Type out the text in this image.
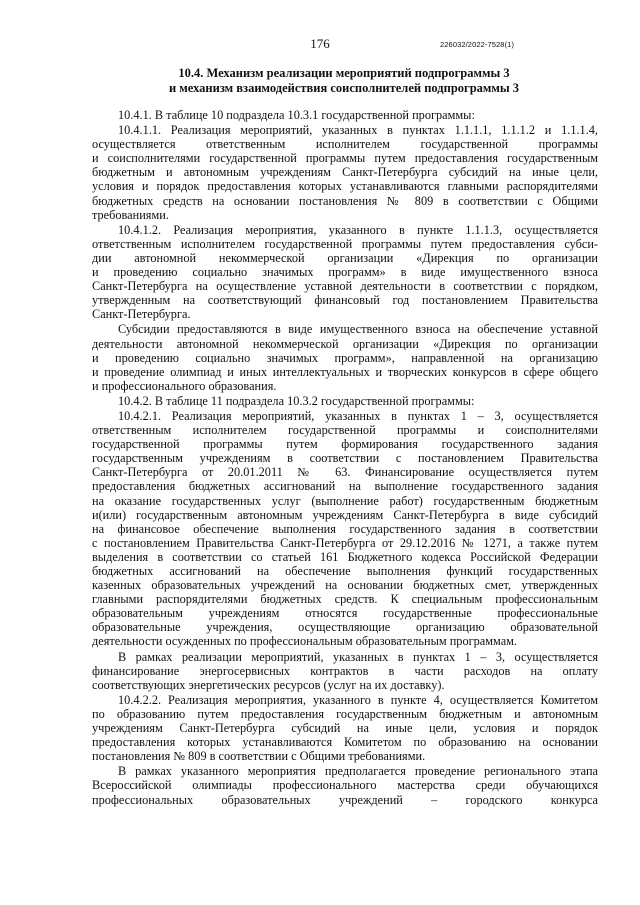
176	226032/2022-7528(1)
10.4. Механизм реализации мероприятий подпрограммы 3
и механизм взаимодействия соисполнителей подпрограммы 3

10.4.1. В таблице 10 подраздела 10.3.1 государственной программы:

10.4.1.1. Реализация мероприятий, указанных в пунктах 1.1.1.1, 1.1.1.2 и 1.1.1.4,
осуществляется ответственным исполнителем государственной программы
и соисполнителями государственной программы путем предоставления государственным
бюджетным и автономным учреждениям Санкт-Петербурга субсидий на иные цели,
условия и порядок предоставления которых устанавливаются главными распорядителями
бюджетных средств на основании постановления № 809 в соответствии с Общими
требованиями.

10.4.1.2. Реализация мероприятия, указанного в пункте 1.1.1.3, осуществляется
ответственным исполнителем государственной программы путем предоставления субси-
дии автономной некоммерческой организации «Дирекция по организации
и проведению социально значимых программ» в виде имущественного взноса
Санкт-Петербурга на осуществление уставной деятельности в соответствии с порядком,
утвержденным на соответствующий финансовый год постановлением Правительства
Санкт-Петербурга.

Субсидии предоставляются в виде имущественного взноса на обеспечение уставной
деятельности автономной некоммерческой организации «Дирекция по организации
и проведению социально значимых программ», направленной на организацию
и проведение олимпиад и иных интеллектуальных и творческих конкурсов в сфере общего
и профессионального образования.

10.4.2. В таблице 11 подраздела 10.3.2 государственной программы:

10.4.2.1. Реализация мероприятий, указанных в пунктах 1 – 3, осуществляется
ответственным исполнителем государственной программы и соисполнителями
государственной программы путем формирования государственного задания
государственным учреждениям в соответствии с постановлением Правительства
Санкт-Петербурга от 20.01.2011 № 63. Финансирование осуществляется путем
предоставления бюджетных ассигнований на выполнение государственного задания
на оказание государственных услуг (выполнение работ) государственным бюджетным
и(или) государственным автономным учреждениям Санкт-Петербурга в виде субсидий
на финансовое обеспечение выполнения государственного задания в соответствии
с постановлением Правительства Санкт-Петербурга от 29.12.2016 № 1271, а также путем
выделения в соответствии со статьей 161 Бюджетного кодекса Российской Федерации
бюджетных ассигнований на обеспечение выполнения функций государственных
казенных образовательных учреждений на основании бюджетных смет, утвержденных
главными распорядителями бюджетных средств. К специальным профессиональным
образовательным учреждениям относятся государственные профессиональные
образовательные учреждения, осуществляющие организацию образовательной
деятельности осужденных по профессиональным образовательным программам.

В рамках реализации мероприятий, указанных в пунктах 1 – 3, осуществляется
финансирование энергосервисных контрактов в части расходов на оплату
соответствующих энергетических ресурсов (услуг на их доставку).

10.4.2.2. Реализация мероприятия, указанного в пункте 4, осуществляется Комитетом
по образованию путем предоставления государственным бюджетным и автономным
учреждениям Санкт-Петербурга субсидий на иные цели, условия и порядок
предоставления которых устанавливаются Комитетом по образованию на основании
постановления № 809 в соответствии с Общими требованиями.

В рамках указанного мероприятия предполагается проведение регионального этапа
Всероссийской олимпиады профессионального мастерства среди обучающихся
профессиональных образовательных учреждений – городского конкурса
